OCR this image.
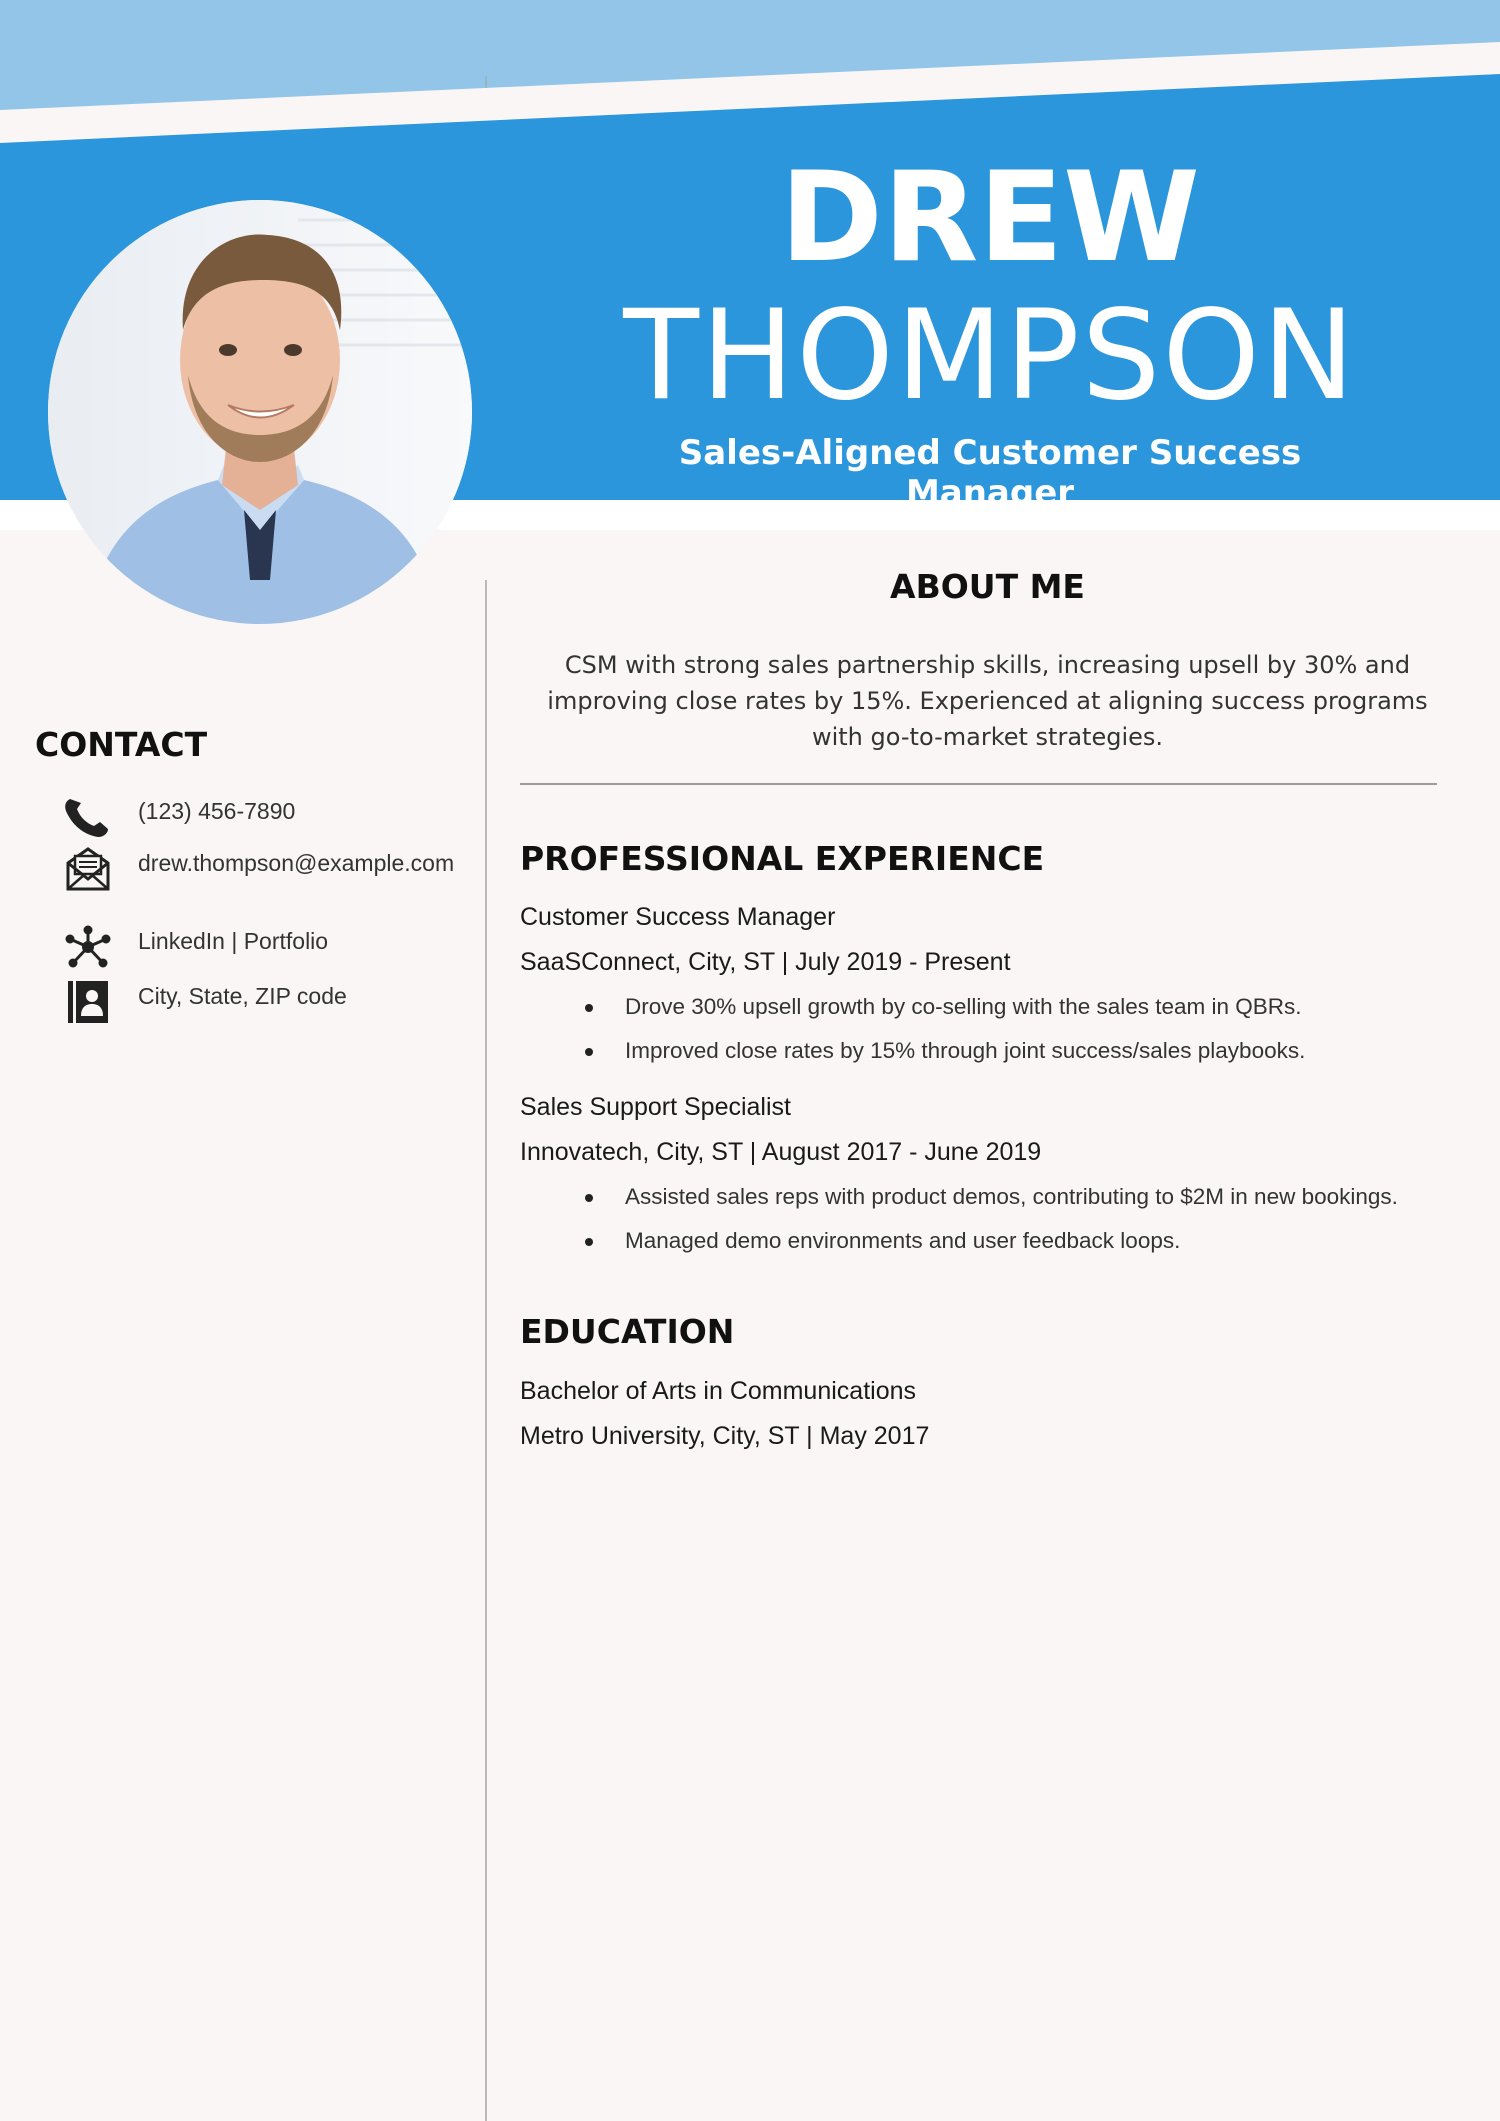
DREW
THOMPSON
Sales-Aligned Customer Success Manager
CONTACT
(123) 456-7890
drew.thompson@example.com
LinkedIn | Portfolio
City, State, ZIP code
ABOUT ME
CSM with strong sales partnership skills, increasing upsell by 30% and improving close rates by 15%. Experienced at aligning success programs with go-to-market strategies.
PROFESSIONAL EXPERIENCE
Customer Success Manager
SaaSConnect, City, ST | July 2019 - Present
Drove 30% upsell growth by co-selling with the sales team in QBRs.
Improved close rates by 15% through joint success/sales playbooks.
Sales Support Specialist
Innovatech, City, ST | August 2017 - June 2019
Assisted sales reps with product demos, contributing to $2M in new bookings.
Managed demo environments and user feedback loops.
EDUCATION
Bachelor of Arts in Communications
Metro University, City, ST | May 2017
